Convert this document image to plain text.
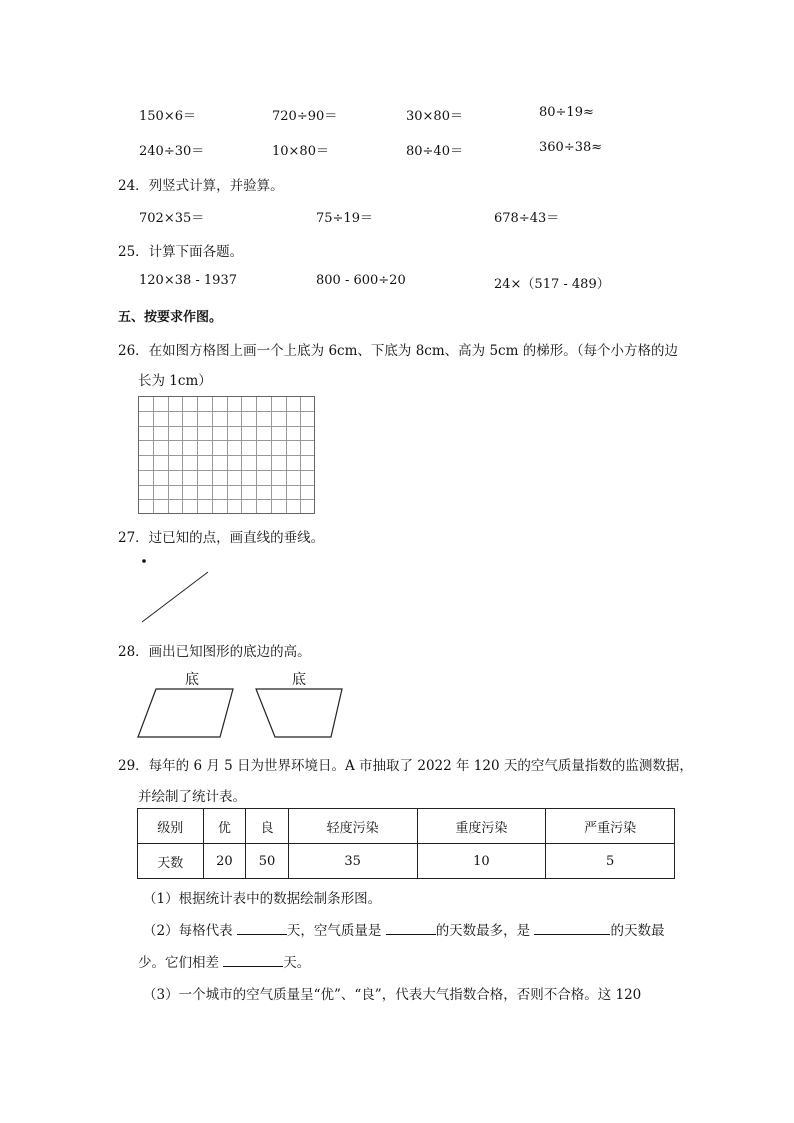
150×6＝	720÷90＝	30×80＝	80÷19≈
240÷30＝	10×80＝	80÷40＝	360÷38≈
24．列竖式计算，并验算。
702×35＝	75÷19＝	678÷43＝
25．计算下面各题。
120×38 - 1937	800 - 600÷20	24×（517 - 489）
五、按要求作图。
26．在如图方格图上画一个上底为 6cm、下底为 8cm、高为 5cm 的梯形。（每个小方格的边
长为 1cm）
27．过已知的点，画直线的垂线。
28．画出已知图形的底边的高。
底	底
29．每年的 6 月 5 日为世界环境日。A 市抽取了 2022 年 120 天的空气质量指数的监测数据，
并绘制了统计表。
级别	优	良	轻度污染	重度污染	严重污染
天数	20	50	35	10	5
（1）根据统计表中的数据绘制条形图。
（2）每格代表	天，空气质量是	的天数最多，是	的天数最
少。它们相差	天。
（3）一个城市的空气质量呈“优”、“良”，代表大气指数合格，否则不合格。这 120
